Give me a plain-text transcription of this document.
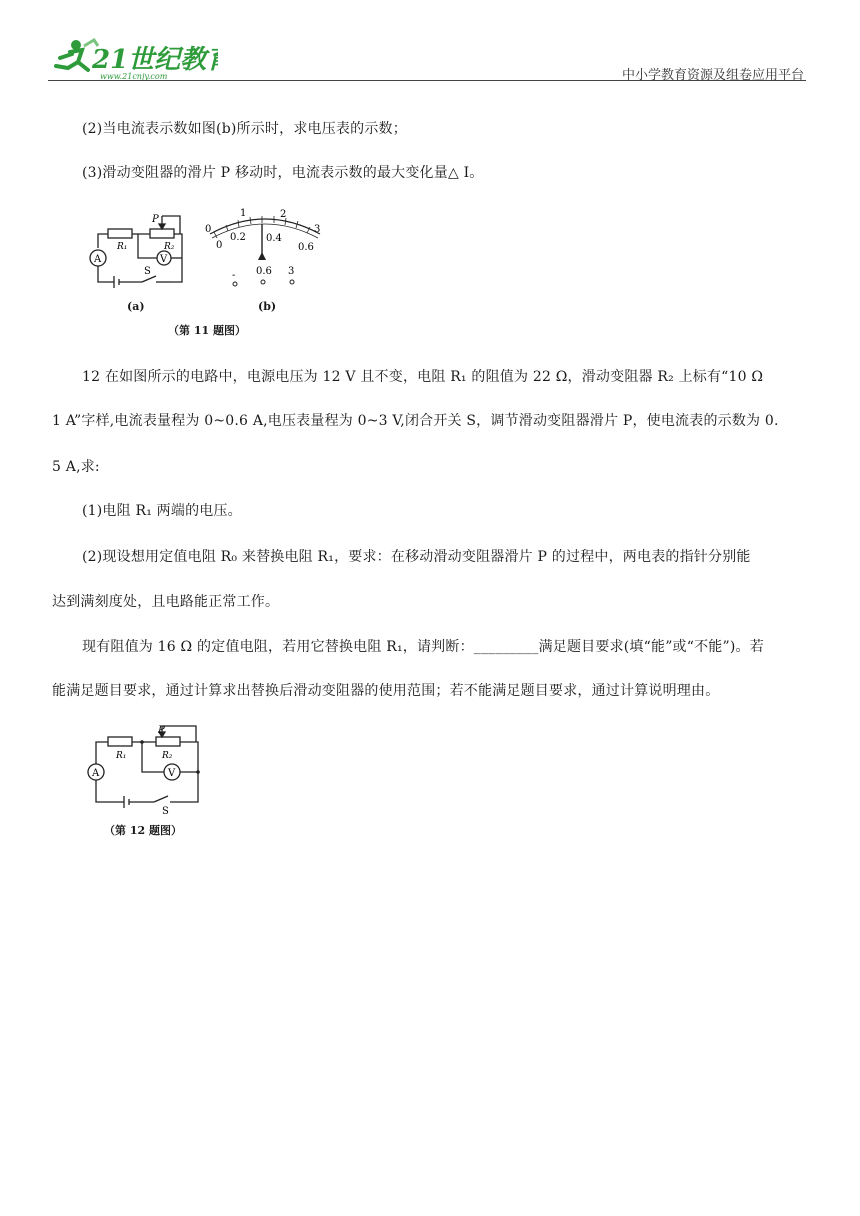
21世纪教
www.21cnjy.com	中小学教育资源及组卷应用平台
(2)当电流表示数如图(b)所示时，求电压表的示数；
(3)滑动变阻器的滑片 P 移动时，电流表示数的最大变化量△ I。
R₁	R₂
P
A	V
S
(a)
0
1	2
3
0
0.2 0.4
0.6
- 0.6 3
(b)
（第 11 题图）
12 在如图所示的电路中，电源电压为 12 V 且不变，电阻 R₁ 的阻值为 22 Ω，滑动变阻器 R₂ 上标有“10 Ω
1 A”字样,电流表量程为 0~0.6 A,电压表量程为 0~3 V,闭合开关 S，调节滑动变阻器滑片 P，使电流表的示数为 0.
5 A,求:
(1)电阻 R₁ 两端的电压。
(2)现设想用定值电阻 R₀ 来替换电阻 R₁，要求：在移动滑动变阻器滑片 P 的过程中，两电表的指针分别能
达到满刻度处，且电路能正常工作。
现有阻值为 16 Ω 的定值电阻，若用它替换电阻 R₁，请判断：_________满足题目要求(填“能”或“不能”)。若
能满足题目要求，通过计算求出替换后滑动变阻器的使用范围；若不能满足题目要求，通过计算说明理由。
R₁	R₂
P
A	V
S
（第 12 题图）
